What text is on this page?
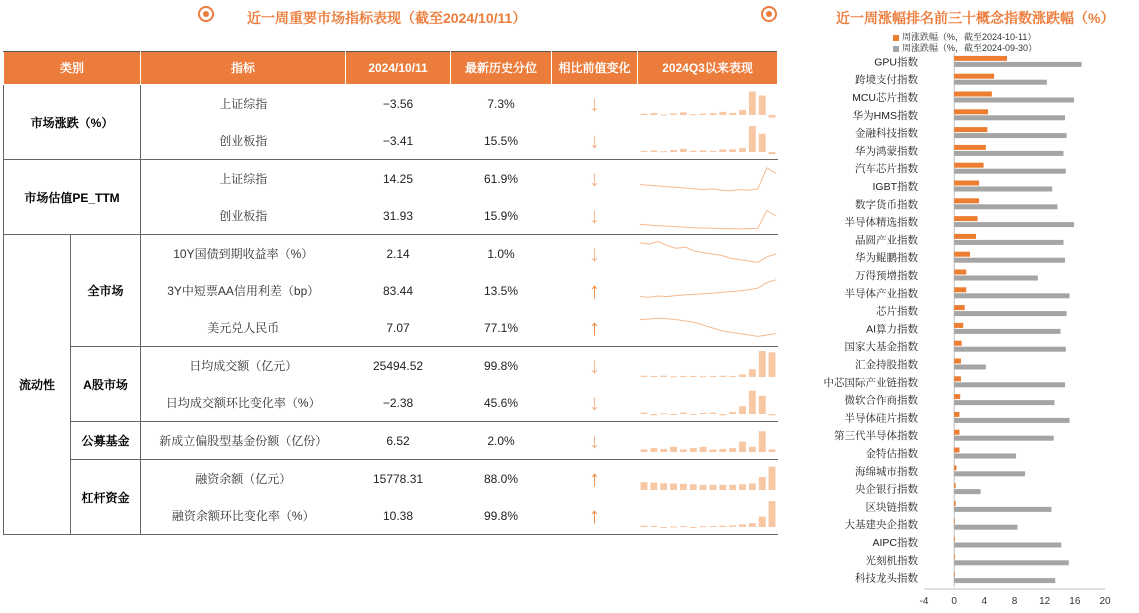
近一周重要市场指标表现（截至2024/10/11）	近一周涨幅排名前三十概念指数涨跌幅（%）
类别		指标	2024/10/11	最新历史分位	相比前值变化	2024Q3以来表现
市场涨跌（%）		上证综指	−3.56	7.3%	↓	

		创业板指	−3.41	15.5%	↓	

市场估值PE_TTM		上证综指	14.25	61.9%	↓	

		创业板指	31.93	15.9%	↓	

流动性	全市场	10Y国债到期收益率（%）	2.14	1.0%	↓	

		3Y中短票AA信用利差（bp）	83.44	13.5%	↑	

		美元兑人民币	7.07	77.1%	↑	

	A股市场	日均成交额（亿元）	25494.52	99.8%	↓	

		日均成交额环比变化率（%）	−2.38	45.6%	↓	

	公募基金	新成立偏股型基金份额（亿份）	6.52	2.0%	↓	

	杠杆资金	融资余额（亿元）	15778.31	88.0%	↑	

		融资余额环比变化率（%）	10.38	99.8%	↑	
周涨跌幅（%，截至2024-10-11）
周涨跌幅（%，截至2024-09-30）
GPU指数
跨境支付指数
MCU芯片指数
华为HMS指数
金融科技指数
华为鸿蒙指数
汽车芯片指数
IGBT指数
数字货币指数
半导体精选指数
晶圆产业指数
华为鲲鹏指数
万得预增指数
半导体产业指数
芯片指数
AI算力指数
国家大基金指数
汇金持股指数
中芯国际产业链指数
微软合作商指数
半导体硅片指数
第三代半导体指数
金特估指数
海绵城市指数
央企银行指数
区块链指数
大基建央企指数
AIPC指数
光刻机指数
科技龙头指数
-4 0 4 8 12 16 20
